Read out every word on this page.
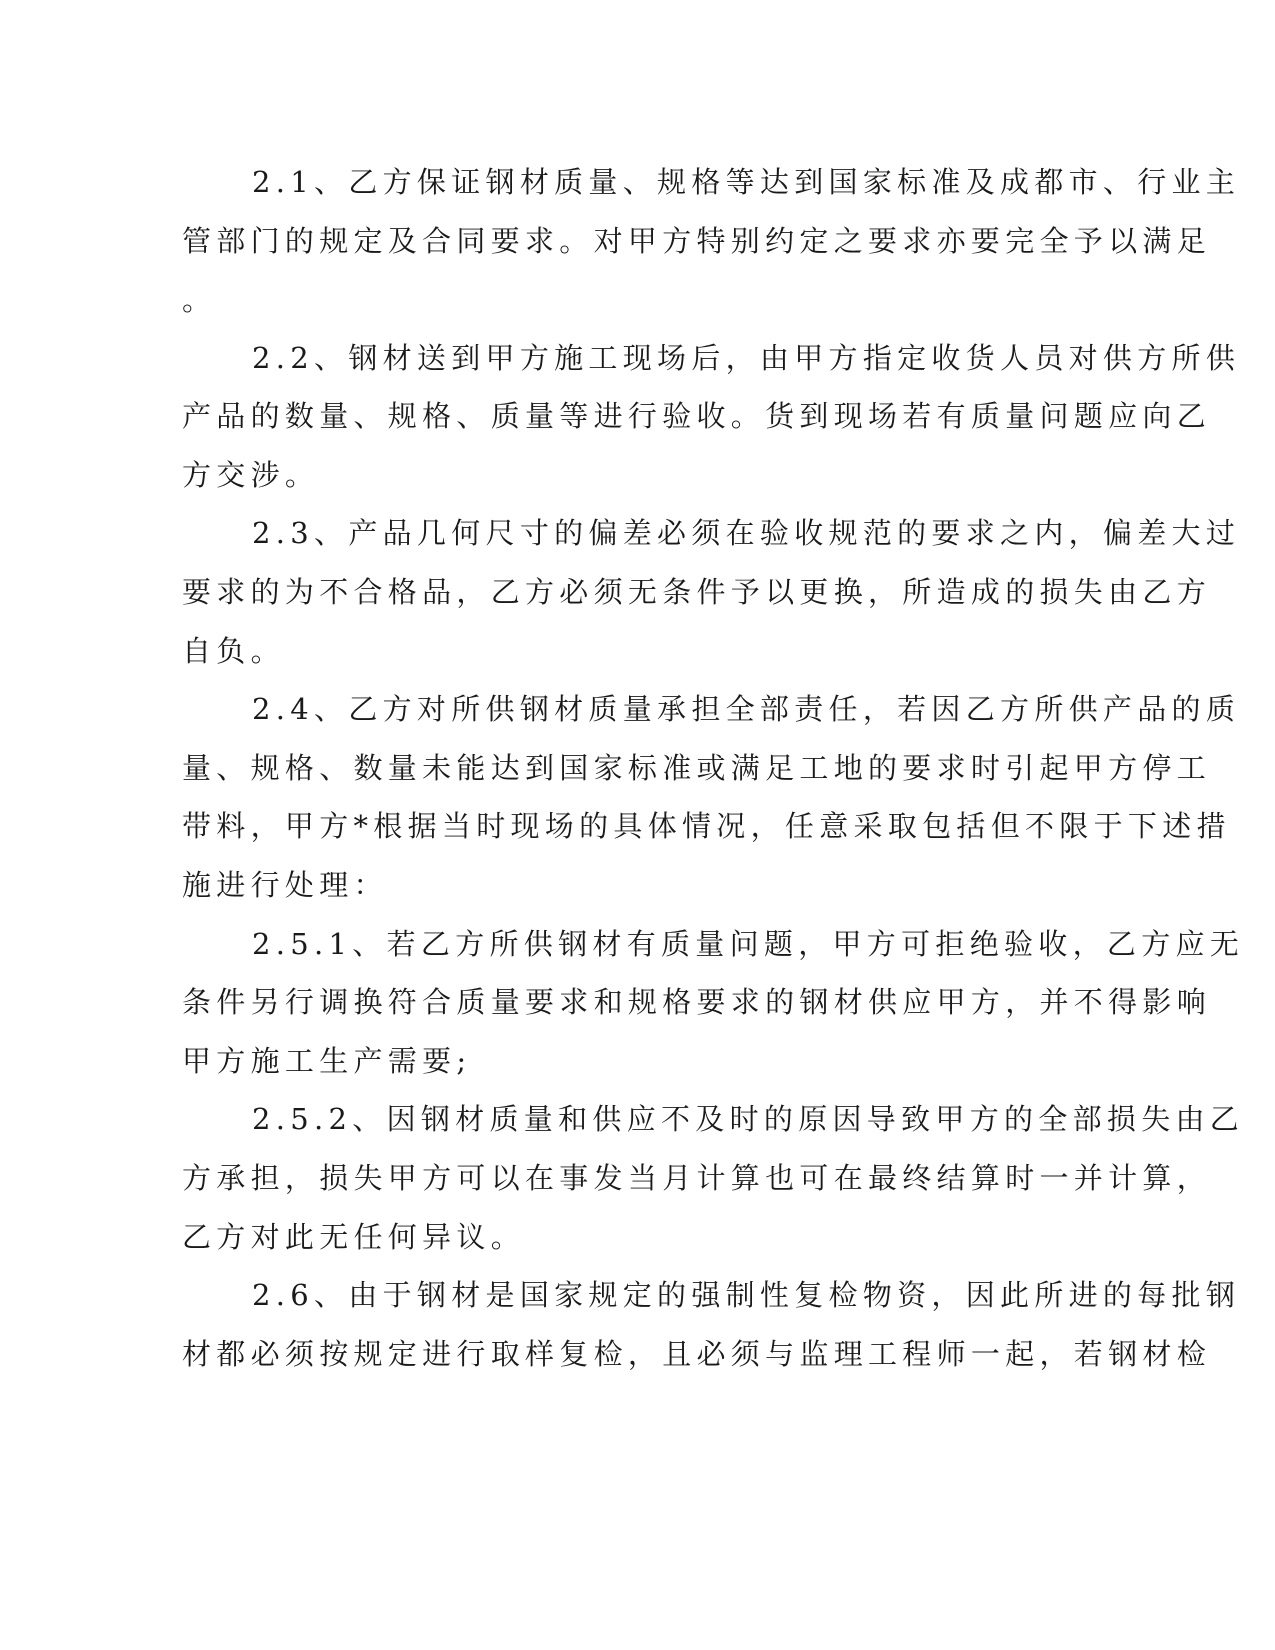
2.1、乙方保证钢材质量、规格等达到国家标准及成都市、行业主
管部门的规定及合同要求。对甲方特别约定之要求亦要完全予以满足
。
2.2、钢材送到甲方施工现场后，由甲方指定收货人员对供方所供
产品的数量、规格、质量等进行验收。货到现场若有质量问题应向乙
方交涉。
2.3、产品几何尺寸的偏差必须在验收规范的要求之内，偏差大过
要求的为不合格品，乙方必须无条件予以更换，所造成的损失由乙方
自负。
2.4、乙方对所供钢材质量承担全部责任，若因乙方所供产品的质
量、规格、数量未能达到国家标准或满足工地的要求时引起甲方停工
带料，甲方*根据当时现场的具体情况，任意采取包括但不限于下述措
施进行处理：
2.5.1、若乙方所供钢材有质量问题，甲方可拒绝验收，乙方应无
条件另行调换符合质量要求和规格要求的钢材供应甲方，并不得影响
甲方施工生产需要;
2.5.2、因钢材质量和供应不及时的原因导致甲方的全部损失由乙
方承担，损失甲方可以在事发当月计算也可在最终结算时一并计算，
乙方对此无任何异议。
2.6、由于钢材是国家规定的强制性复检物资，因此所进的每批钢
材都必须按规定进行取样复检，且必须与监理工程师一起，若钢材检
